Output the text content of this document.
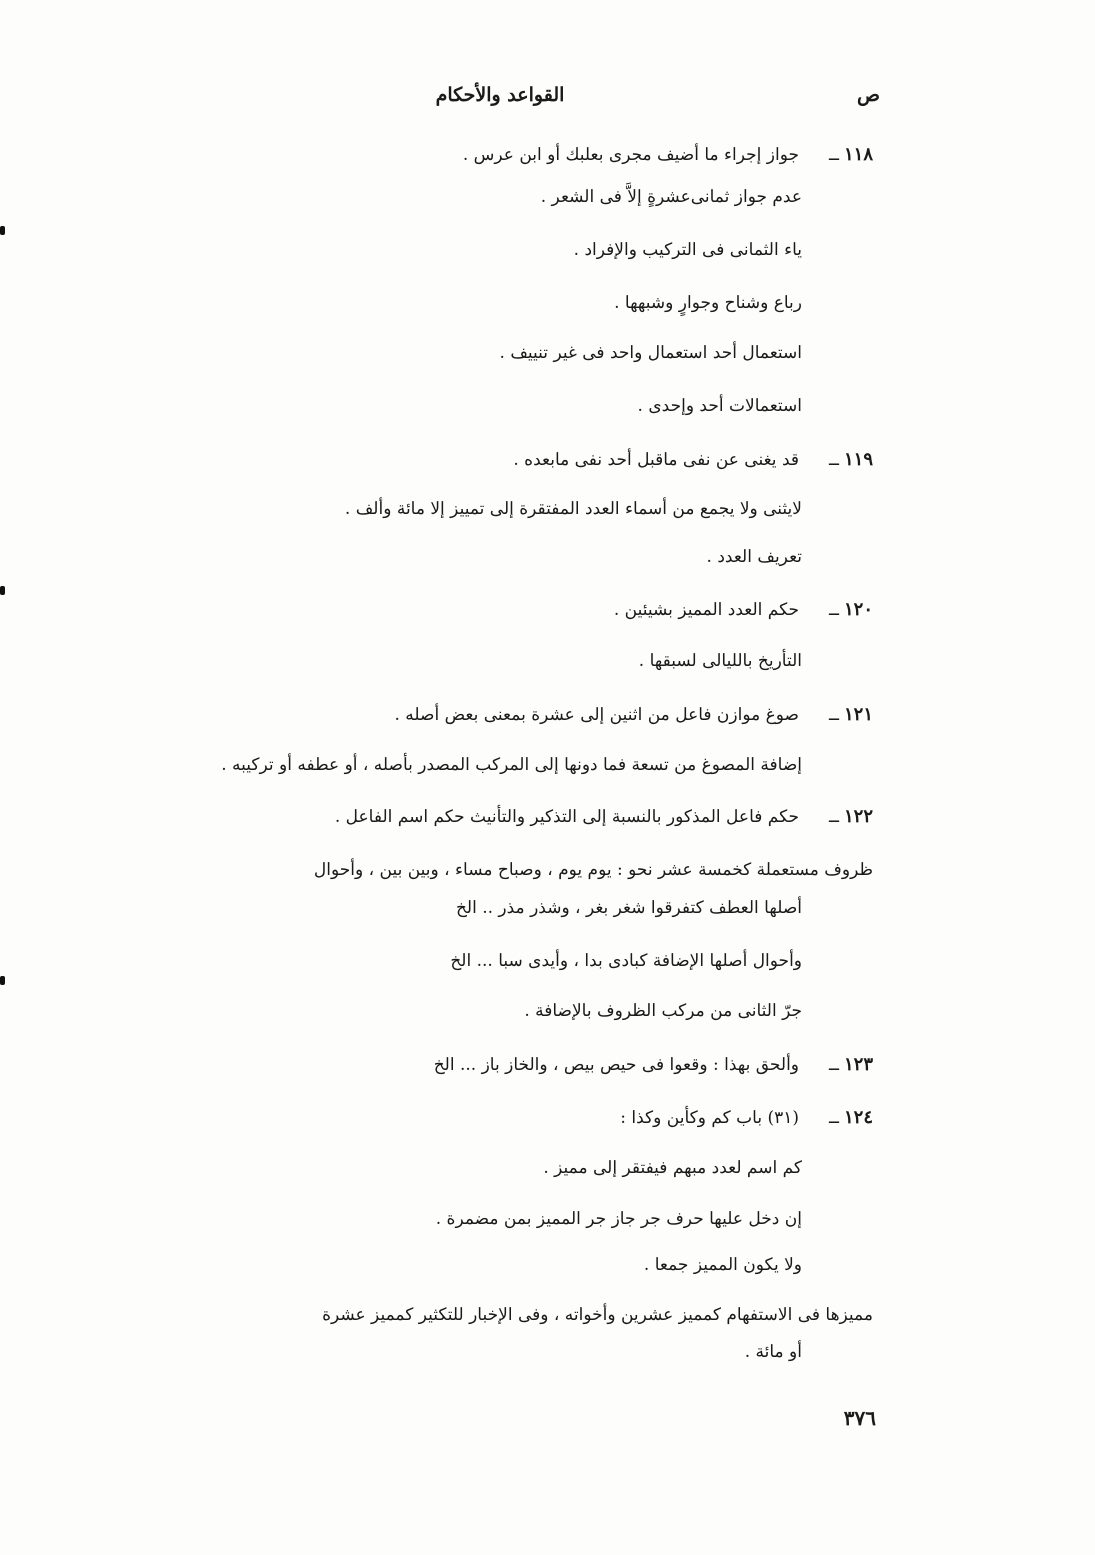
القواعد والأحكام	ص
١١٨
ــ
جواز إجراء ما أضيف مجرى بعلبك أو ابن عرس .
عدم جواز ثمانى‌عشرةٍ إلاَّ فى الشعر .
ياء الثمانى فى التركيب والإفراد .
رباع وشناح وجوارٍ وشبهها .
استعمال أحد استعمال واحد فى غير تنييف .
استعمالات أحد وإحدى .
١١٩
ــ
قد يغنى عن نفى ماقبل أحد نفى مابعده .
لايثنى ولا يجمع من أسماء العدد المفتقرة إلى تمييز إلا مائة وألف .
تعريف العدد .
١٢٠
ــ
حكم العدد المميز بشيئين .
التأريخ بالليالى لسبقها .
١٢١
ــ
صوغ موازن فاعل من اثنين إلى عشرة بمعنى بعض أصله .
إضافة المصوغ من تسعة فما دونها إلى المركب المصدر بأصله ، أو عطفه أو تركيبه .
١٢٢
ــ
حكم فاعل المذكور بالنسبة إلى التذكير والتأنيث حكم اسم الفاعل .
ظروف مستعملة كخمسة عشر نحو : يوم يوم ، وصباح مساء ، وبين بين ، وأحوال
أصلها العطف كتفرقوا شغر بغر ، وشذر مذر .. الخ
وأحوال أصلها الإضافة كبادى بدا ، وأيدى سبا ... الخ
جرّ الثانى من مركب الظروف بالإضافة .
١٢٣
ــ
وألحق بهذا : وقعوا فى حيص بيص ، والخاز باز ... الخ
١٢٤
ــ
(٣١) باب كم وكأين وكذا :
كم اسم لعدد مبهم فيفتقر إلى مميز .
إن دخل عليها حرف جر جاز جر المميز بمن مضمرة .
ولا يكون المميز جمعا .
مميزها فى الاستفهام كمميز عشرين وأخواته ، وفى الإخبار للتكثير كمميز عشرة
أو مائة .
٣٧٦
